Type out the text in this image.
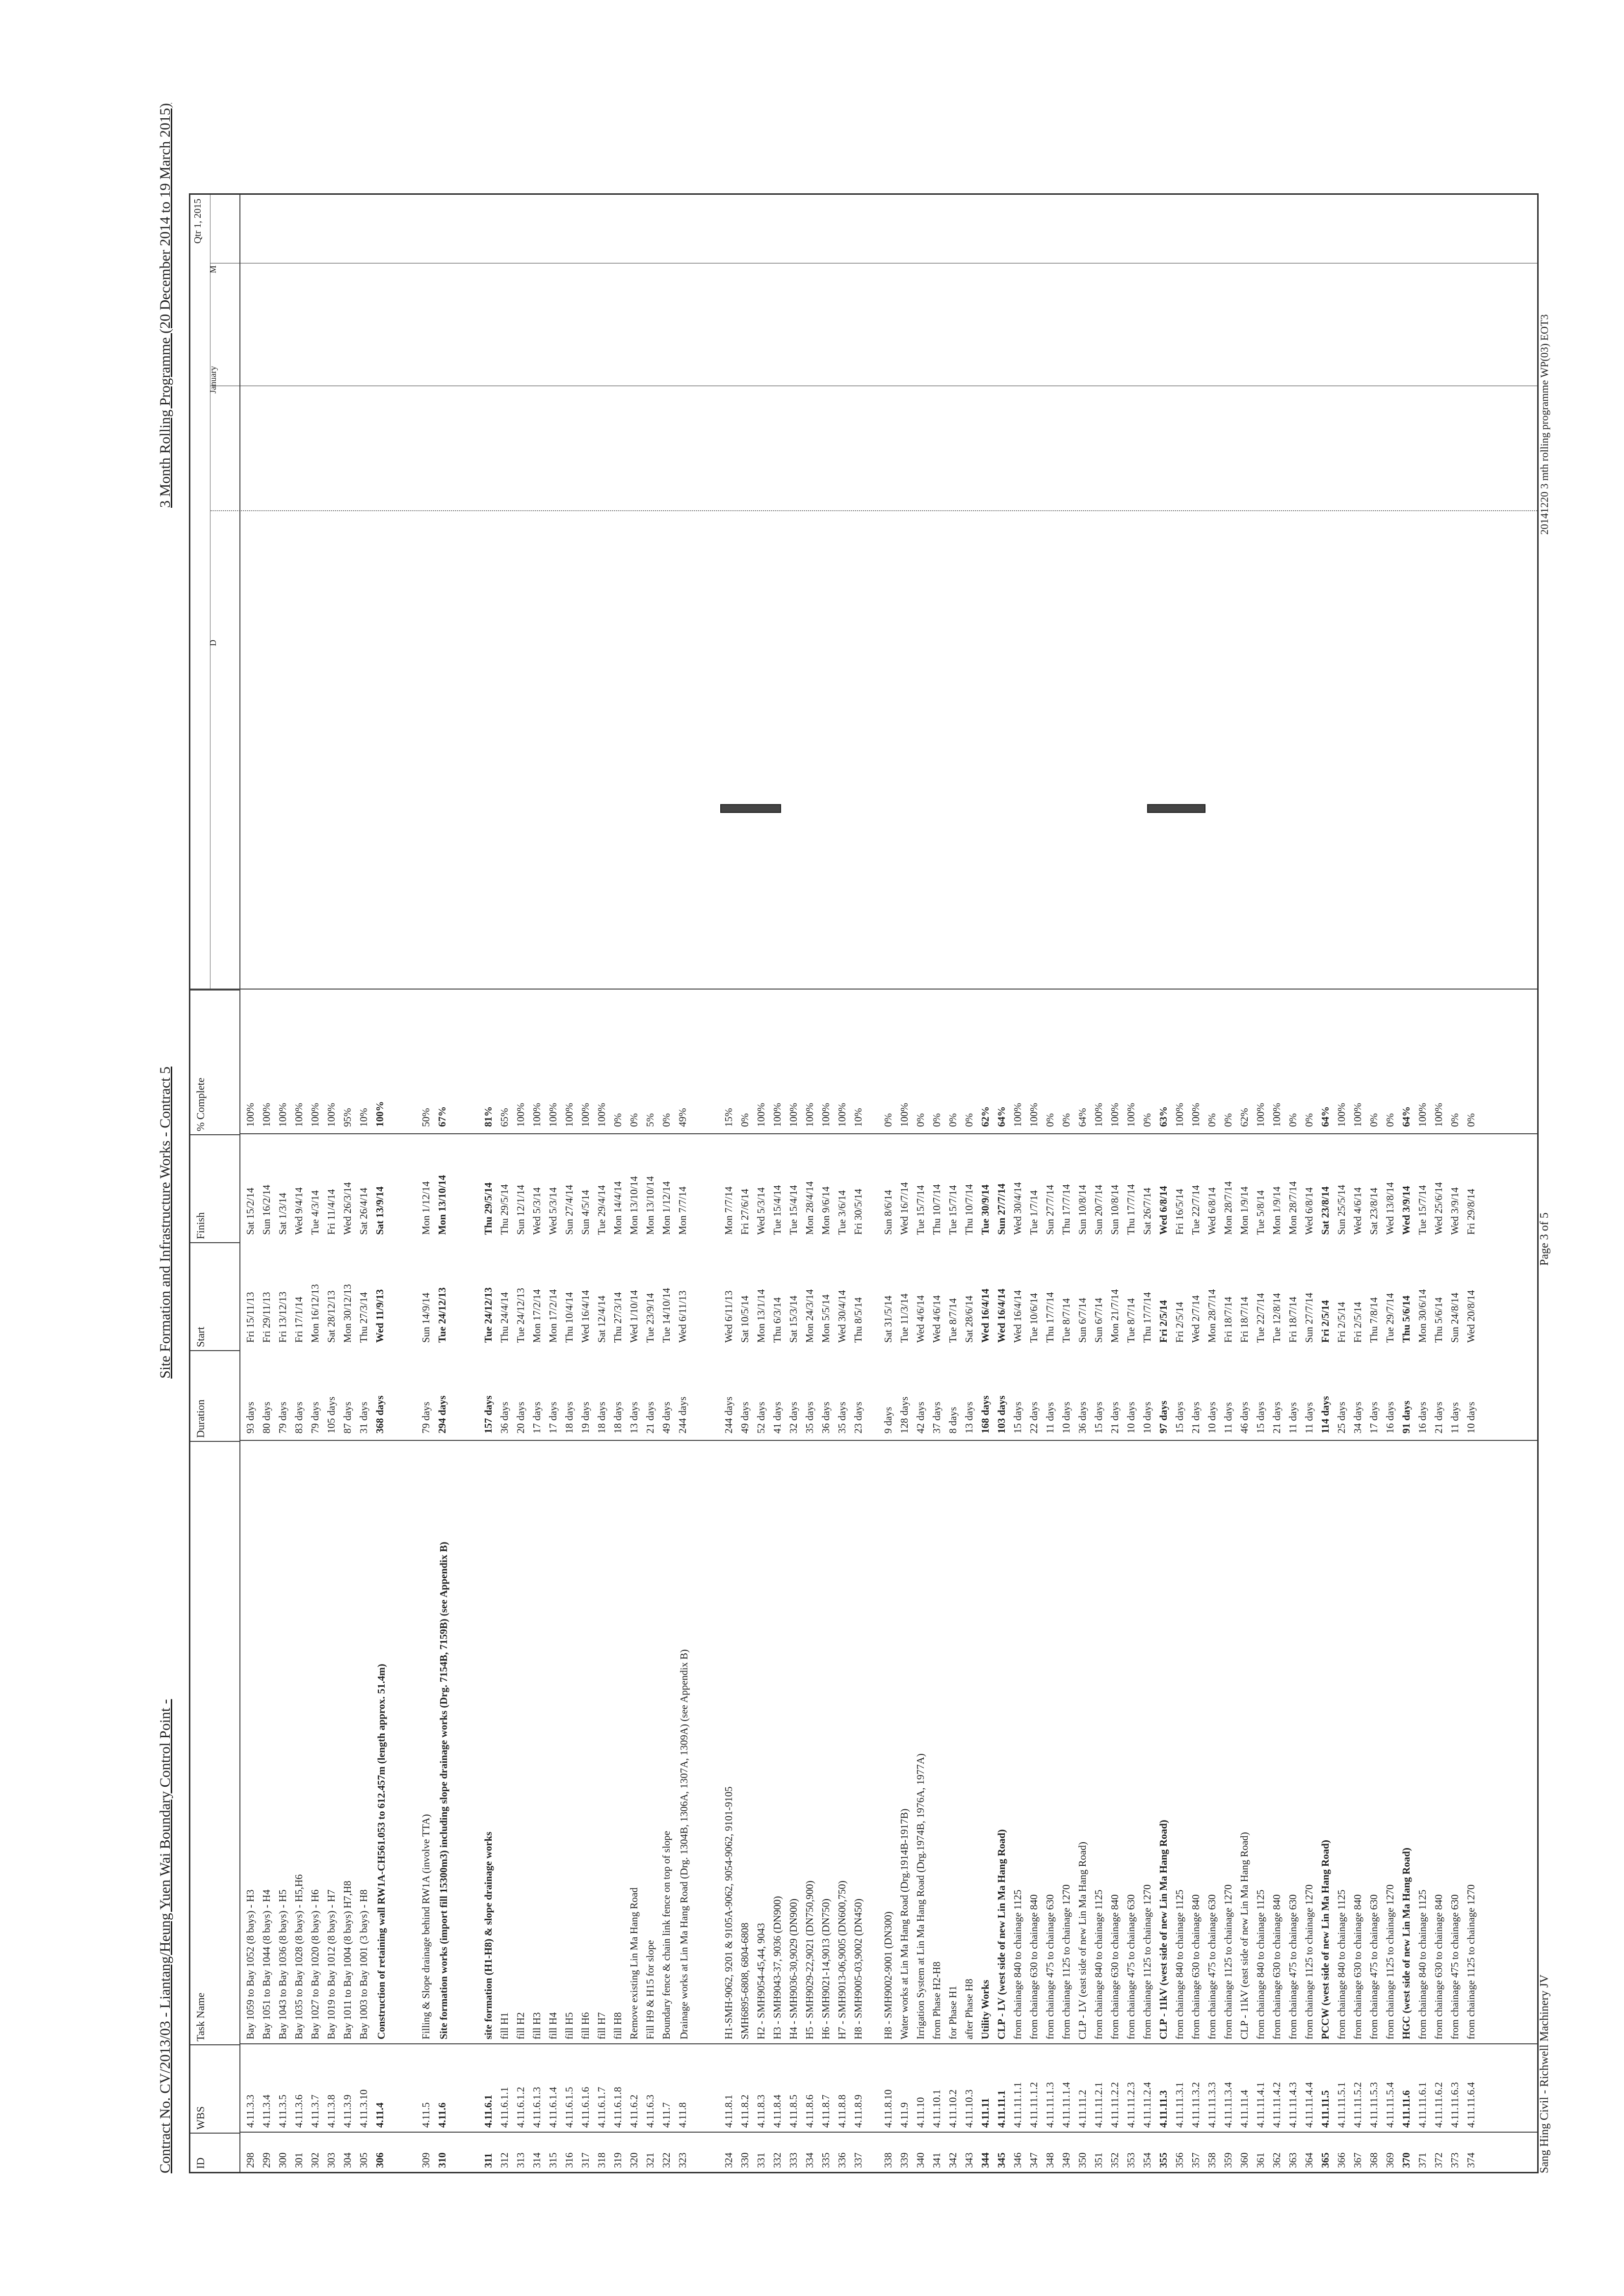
Contract No. CV/2013/03 - Liantang/Heung Yuen Wai Boundary Control Point -
Site Formation and Infrastructure Works - Contract 5
3 Month Rolling Programme (20 December 2014 to 19 March 2015)
ID
WBS
Task Name
Duration
Start
Finish
% Complete
Qtr 1, 2015
D
January
M
298
4.11.3.3
Bay 1059 to Bay 1052 (8 bays) - H3
93 days
Fri 15/11/13
Sat 15/2/14
100%
299
4.11.3.4
Bay 1051 to Bay 1044 (8 bays) - H4
80 days
Fri 29/11/13
Sun 16/2/14
100%
300
4.11.3.5
Bay 1043 to Bay 1036 (8 bays) - H5
79 days
Fri 13/12/13
Sat 1/3/14
100%
301
4.11.3.6
Bay 1035 to Bay 1028 (8 bays) - H5,H6
83 days
Fri 17/1/14
Wed 9/4/14
100%
302
4.11.3.7
Bay 1027 to Bay 1020 (8 bays) - H6
79 days
Mon 16/12/13
Tue 4/3/14
100%
303
4.11.3.8
Bay 1019 to Bay 1012 (8 bays) - H7
105 days
Sat 28/12/13
Fri 11/4/14
100%
304
4.11.3.9
Bay 1011 to Bay 1004 (8 bays) H7,H8
87 days
Mon 30/12/13
Wed 26/3/14
95%
305
4.11.3.10
Bay 1003 to Bay 1001 (3 bays) - H8
31 days
Thu 27/3/14
Sat 26/4/14
10%
306
4.11.4
Construction of retaining wall RW1A-CH561.053 to 612.457m (length approx. 51.4m)
368 days
Wed 11/9/13
Sat 13/9/14
100%
309
4.11.5
Filling & Slope drainage behind RW1A (involve TTA)
79 days
Sun 14/9/14
Mon 1/12/14
50%
310
4.11.6
Site formation works (import fill 15300m3) including slope drainage works (Drg. 7154B, 7159B) (see Appendix B)
294 days
Tue 24/12/13
Mon 13/10/14
67%
311
4.11.6.1
site formation (H1-H8) & slope drainage works
157 days
Tue 24/12/13
Thu 29/5/14
81%
312
4.11.6.1.1
fill H1
36 days
Thu 24/4/14
Thu 29/5/14
65%
313
4.11.6.1.2
fill H2
20 days
Tue 24/12/13
Sun 12/1/14
100%
314
4.11.6.1.3
fill H3
17 days
Mon 17/2/14
Wed 5/3/14
100%
315
4.11.6.1.4
fill H4
17 days
Mon 17/2/14
Wed 5/3/14
100%
316
4.11.6.1.5
fill H5
18 days
Thu 10/4/14
Sun 27/4/14
100%
317
4.11.6.1.6
fill H6
19 days
Wed 16/4/14
Sun 4/5/14
100%
318
4.11.6.1.7
fill H7
18 days
Sat 12/4/14
Tue 29/4/14
100%
319
4.11.6.1.8
fill H8
18 days
Thu 27/3/14
Mon 14/4/14
0%
320
4.11.6.2
Remove existing Lin Ma Hang Road
13 days
Wed 1/10/14
Mon 13/10/14
0%
321
4.11.6.3
Fill H9 & H15 for slope
21 days
Tue 23/9/14
Mon 13/10/14
5%
322
4.11.7
Boundary fence & chain link fence on top of slope
49 days
Tue 14/10/14
Mon 1/12/14
0%
323
4.11.8
Drainage works at Lin Ma Hang Road (Drg. 1304B, 1306A, 1307A, 1309A) (see Appendix B)
244 days
Wed 6/11/13
Mon 7/7/14
49%
324
4.11.8.1
H1-SMH-9062, 9201 & 9105A-9062, 9054-9062, 9101-9105
244 days
Wed 6/11/13
Mon 7/7/14
15%
330
4.11.8.2
SMH6895-6808, 6804-6808
49 days
Sat 10/5/14
Fri 27/6/14
0%
331
4.11.8.3
H2 - SMH9054-45,44, 9043
52 days
Mon 13/1/14
Wed 5/3/14
100%
332
4.11.8.4
H3 - SMH9043-37, 9036 (DN900)
41 days
Thu 6/3/14
Tue 15/4/14
100%
333
4.11.8.5
H4 - SMH9036-30,9029 (DN900)
32 days
Sat 15/3/14
Tue 15/4/14
100%
334
4.11.8.6
H5 - SMH9029-22,9021 (DN750,900)
35 days
Mon 24/3/14
Mon 28/4/14
100%
335
4.11.8.7
H6 - SMH9021-14,9013 (DN750)
36 days
Mon 5/5/14
Mon 9/6/14
100%
336
4.11.8.8
H7 - SMH9013-06,9005 (DN600,750)
35 days
Wed 30/4/14
Tue 3/6/14
100%
337
4.11.8.9
H8 - SMH9005-03,9002 (DN450)
23 days
Thu 8/5/14
Fri 30/5/14
10%
338
4.11.8.10
H8 - SMH9002-9001 (DN300)
9 days
Sat 31/5/14
Sun 8/6/14
0%
339
4.11.9
Water works at Lin Ma Hang Road (Drg.1914B-1917B)
128 days
Tue 11/3/14
Wed 16/7/14
100%
340
4.11.10
Irrigation System at Lin Ma Hang Road (Drg.1974B, 1976A, 1977A)
42 days
Wed 4/6/14
Tue 15/7/14
0%
341
4.11.10.1
from Phase H2-H8
37 days
Wed 4/6/14
Thu 10/7/14
0%
342
4.11.10.2
for Phase H1
8 days
Tue 8/7/14
Tue 15/7/14
0%
343
4.11.10.3
after Phase H8
13 days
Sat 28/6/14
Thu 10/7/14
0%
344
4.11.11
Utility Works
168 days
Wed 16/4/14
Tue 30/9/14
62%
345
4.11.11.1
CLP - LV (west side of new Lin Ma Hang Road)
103 days
Wed 16/4/14
Sun 27/7/14
64%
346
4.11.11.1.1
from chainage 840 to chainage 1125
15 days
Wed 16/4/14
Wed 30/4/14
100%
347
4.11.11.1.2
from chainage 630 to chainage 840
22 days
Tue 10/6/14
Tue 1/7/14
100%
348
4.11.11.1.3
from chainage 475 to chainage 630
11 days
Thu 17/7/14
Sun 27/7/14
0%
349
4.11.11.1.4
from chainage 1125 to chainage 1270
10 days
Tue 8/7/14
Thu 17/7/14
0%
350
4.11.11.2
CLP - LV (east side of new Lin Ma Hang Road)
36 days
Sun 6/7/14
Sun 10/8/14
64%
351
4.11.11.2.1
from chainage 840 to chainage 1125
15 days
Sun 6/7/14
Sun 20/7/14
100%
352
4.11.11.2.2
from chainage 630 to chainage 840
21 days
Mon 21/7/14
Sun 10/8/14
100%
353
4.11.11.2.3
from chainage 475 to chainage 630
10 days
Tue 8/7/14
Thu 17/7/14
100%
354
4.11.11.2.4
from chainage 1125 to chainage 1270
10 days
Thu 17/7/14
Sat 26/7/14
0%
355
4.11.11.3
CLP - 11kV (west side of new Lin Ma Hang Road)
97 days
Fri 2/5/14
Wed 6/8/14
63%
356
4.11.11.3.1
from chainage 840 to chainage 1125
15 days
Fri 2/5/14
Fri 16/5/14
100%
357
4.11.11.3.2
from chainage 630 to chainage 840
21 days
Wed 2/7/14
Tue 22/7/14
100%
358
4.11.11.3.3
from chainage 475 to chainage 630
10 days
Mon 28/7/14
Wed 6/8/14
0%
359
4.11.11.3.4
from chainage 1125 to chainage 1270
11 days
Fri 18/7/14
Mon 28/7/14
0%
360
4.11.11.4
CLP - 11kV (east side of new Lin Ma Hang Road)
46 days
Fri 18/7/14
Mon 1/9/14
62%
361
4.11.11.4.1
from chainage 840 to chainage 1125
15 days
Tue 22/7/14
Tue 5/8/14
100%
362
4.11.11.4.2
from chainage 630 to chainage 840
21 days
Tue 12/8/14
Mon 1/9/14
100%
363
4.11.11.4.3
from chainage 475 to chainage 630
11 days
Fri 18/7/14
Mon 28/7/14
0%
364
4.11.11.4.4
from chainage 1125 to chainage 1270
11 days
Sun 27/7/14
Wed 6/8/14
0%
365
4.11.11.5
PCCW (west side of new Lin Ma Hang Road)
114 days
Fri 2/5/14
Sat 23/8/14
64%
366
4.11.11.5.1
from chainage 840 to chainage 1125
25 days
Fri 2/5/14
Sun 25/5/14
100%
367
4.11.11.5.2
from chainage 630 to chainage 840
34 days
Fri 2/5/14
Wed 4/6/14
100%
368
4.11.11.5.3
from chainage 475 to chainage 630
17 days
Thu 7/8/14
Sat 23/8/14
0%
369
4.11.11.5.4
from chainage 1125 to chainage 1270
16 days
Tue 29/7/14
Wed 13/8/14
0%
370
4.11.11.6
HGC (west side of new Lin Ma Hang Road)
91 days
Thu 5/6/14
Wed 3/9/14
64%
371
4.11.11.6.1
from chainage 840 to chainage 1125
16 days
Mon 30/6/14
Tue 15/7/14
100%
372
4.11.11.6.2
from chainage 630 to chainage 840
21 days
Thu 5/6/14
Wed 25/6/14
100%
373
4.11.11.6.3
from chainage 475 to chainage 630
11 days
Sun 24/8/14
Wed 3/9/14
0%
374
4.11.11.6.4
from chainage 1125 to chainage 1270
10 days
Wed 20/8/14
Fri 29/8/14
0%
Sang Hing Civil - Richwell Machinery JV
Page 3 of 5
20141220 3 mth rolling programme WP(03) EOT3
